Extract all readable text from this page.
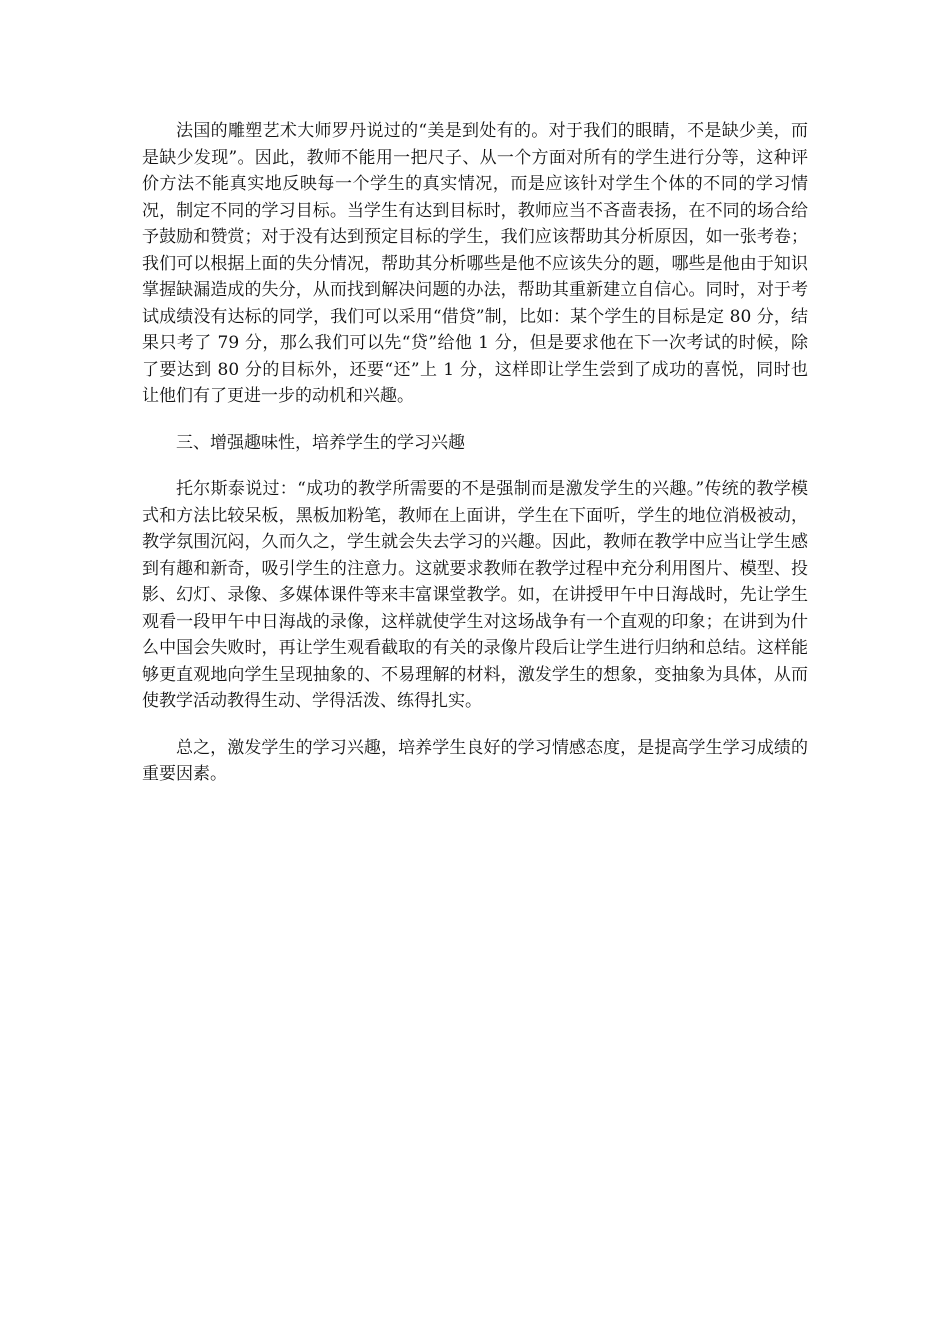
法国的雕塑艺术大师罗丹说过的“美是到处有的。对于我们的眼睛，不是缺少美，而是缺少发现”。因此，教师不能用一把尺子、从一个方面对所有的学生进行分等，这种评价方法不能真实地反映每一个学生的真实情况，而是应该针对学生个体的不同的学习情况，制定不同的学习目标。当学生有达到目标时，教师应当不吝啬表扬，在不同的场合给予鼓励和赞赏；对于没有达到预定目标的学生，我们应该帮助其分析原因，如一张考卷；我们可以根据上面的失分情况，帮助其分析哪些是他不应该失分的题，哪些是他由于知识掌握缺漏造成的失分，从而找到解决问题的办法，帮助其重新建立自信心。同时，对于考试成绩没有达标的同学，我们可以采用“借贷”制，比如：某个学生的目标是定 80 分，结果只考了 79 分，那么我们可以先“贷”给他 1 分，但是要求他在下一次考试的时候，除了要达到 80 分的目标外，还要“还”上 1 分，这样即让学生尝到了成功的喜悦，同时也让他们有了更进一步的动机和兴趣。

三、增强趣味性，培养学生的学习兴趣

托尔斯泰说过：“成功的教学所需要的不是强制而是激发学生的兴趣。”传统的教学模式和方法比较呆板，黑板加粉笔，教师在上面讲，学生在下面听，学生的地位消极被动，教学氛围沉闷，久而久之，学生就会失去学习的兴趣。因此，教师在教学中应当让学生感到有趣和新奇，吸引学生的注意力。这就要求教师在教学过程中充分利用图片、模型、投影、幻灯、录像、多媒体课件等来丰富课堂教学。如，在讲授甲午中日海战时，先让学生观看一段甲午中日海战的录像，这样就使学生对这场战争有一个直观的印象；在讲到为什么中国会失败时，再让学生观看截取的有关的录像片段后让学生进行归纳和总结。这样能够更直观地向学生呈现抽象的、不易理解的材料，激发学生的想象，变抽象为具体，从而使教学活动教得生动、学得活泼、练得扎实。

总之，激发学生的学习兴趣，培养学生良好的学习情感态度，是提高学生学习成绩的重要因素。
